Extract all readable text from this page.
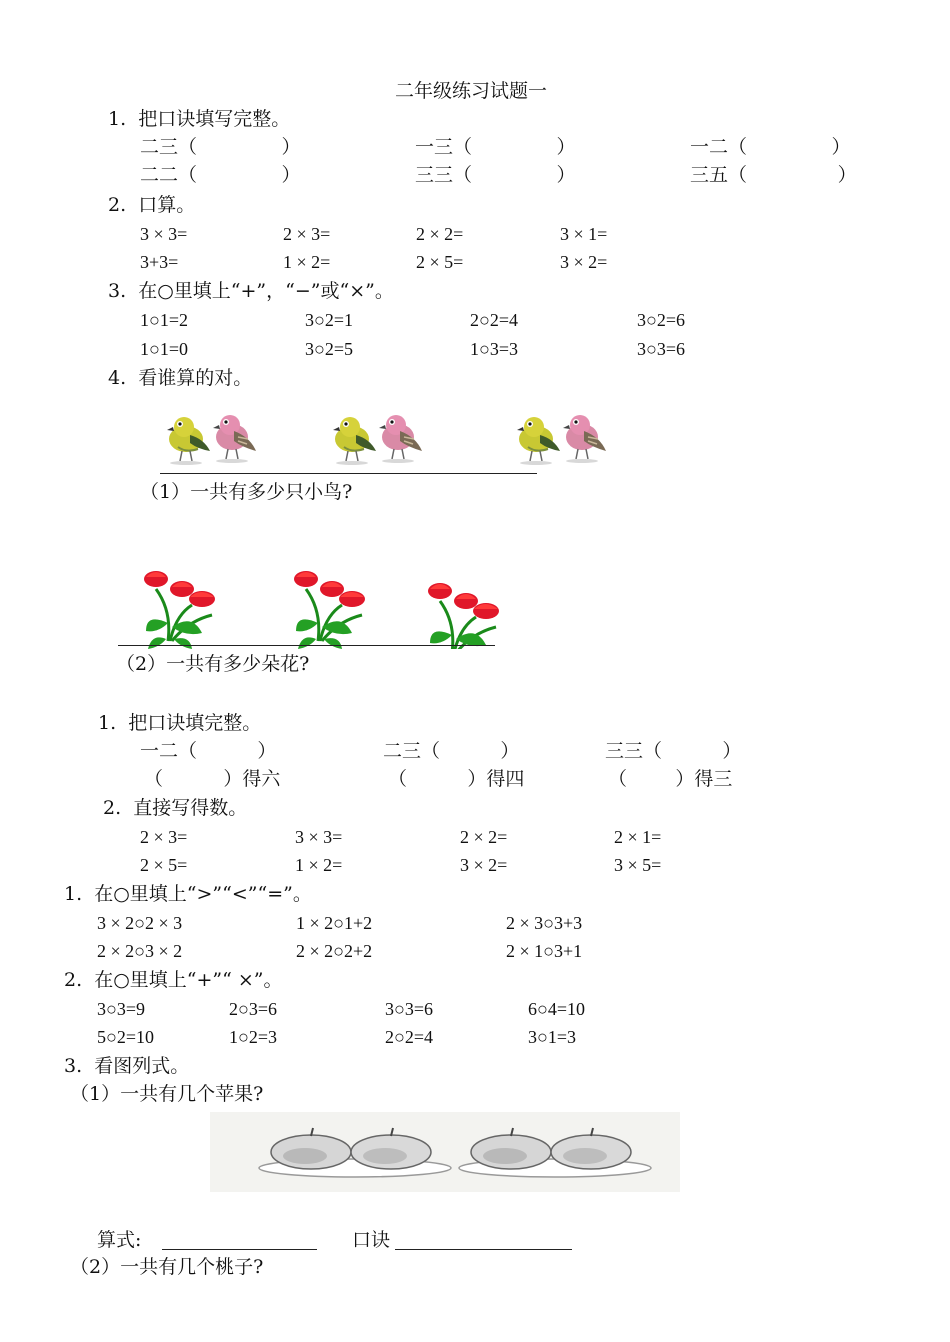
二年级练习试题一
1.  把口诀填写完整。
二三（              ）	一三（              ）	一二（              ）
二二（              ）	三三（              ）	三五（               ）
2.  口算。
3 × 3=	2 × 3=	2 × 2=	3 × 1=
3+3=	1 × 2=	2 × 5=	3 × 2=
3.  在○里填上“+”，“−”或“×”。
1○1=2	3○2=1	2○2=4	3○2=6
1○1=0	3○2=5	1○3=3	3○3=6
4.  看谁算的对。
（1）一共有多少只小鸟?
（2）一共有多少朵花?
1.  把口诀填完整。
一二（          ）	二三（          ）	三三（          ）
（          ）得六	（          ）得四	（        ）得三
2.  直接写得数。
2 × 3=	3 × 3=	2 × 2=	2 × 1=
2 × 5=	1 × 2=	3 × 2=	3 × 5=
1.  在○里填上“>”“<”“=”。
3 × 2○2 × 3	1 × 2○1+2	2 × 3○3+3
2 × 2○3 × 2	2 × 2○2+2	2 × 1○3+1
2.  在○里填上“+”“ ×”。
3○3=9	2○3=6	3○3=6	6○4=10
5○2=10	1○2=3	2○2=4	3○1=3
3.  看图列式。
（1）一共有几个苹果?
算式:	口诀
（2）一共有几个桃子?
